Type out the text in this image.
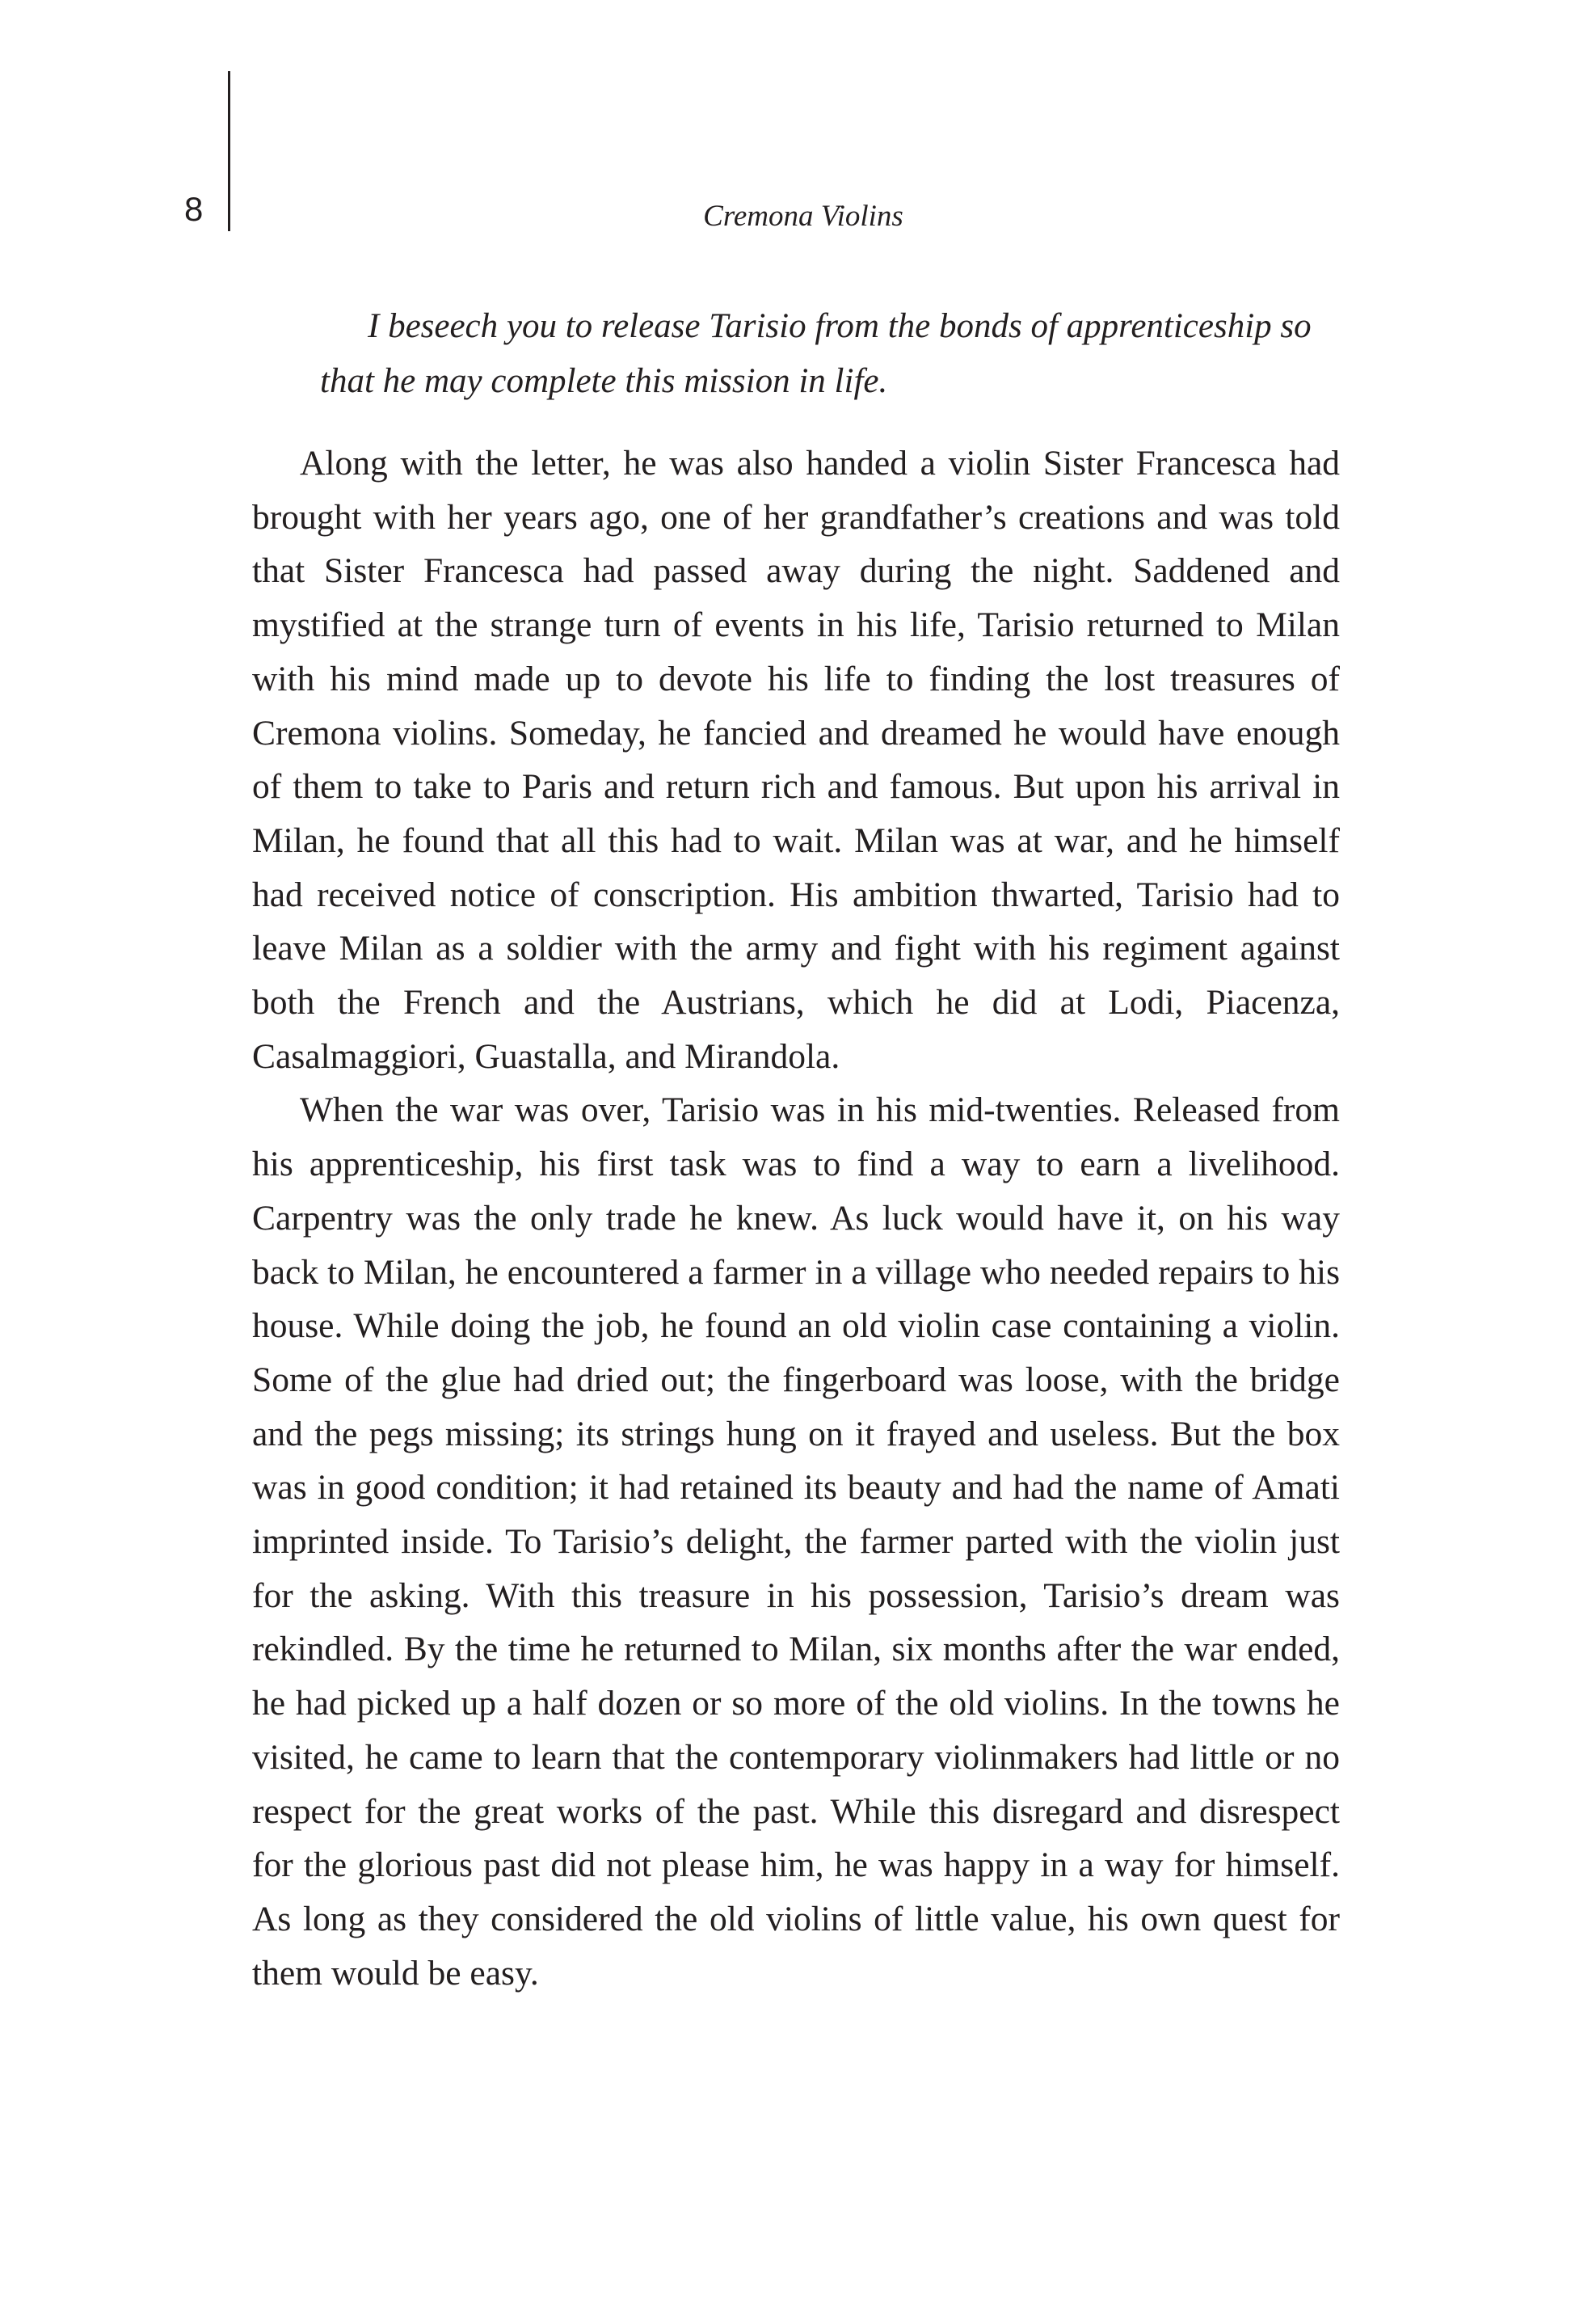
8	Cremona Violins
I beseech you to release Tarisio from the bonds of apprenticeship so
that he may complete this mission in life.

Along with the letter, he was also handed a violin Sister Francesca had brought with her years ago, one of her grandfather’s creations and was told that Sister Francesca had passed away during the night. Saddened and mystified at the strange turn of events in his life, Tarisio returned to Milan with his mind made up to devote his life to finding the lost treasures of Cremona violins. Someday, he fancied and dreamed he would have enough of them to take to Paris and return rich and famous. But upon his arrival in Milan, he found that all this had to wait. Milan was at war, and he himself had received notice of conscription. His ambition thwarted, Tarisio had to leave Milan as a soldier with the army and fight with his regiment against both the French and the Austrians, which he did at Lodi, Piacenza, Casalmaggiori, Guastalla, and Mirandola.

When the war was over, Tarisio was in his mid-twenties. Released from his apprenticeship, his first task was to find a way to earn a livelihood. Carpentry was the only trade he knew. As luck would have it, on his way back to Milan, he encountered a farmer in a village who needed repairs to his house. While doing the job, he found an old violin case containing a violin. Some of the glue had dried out; the fingerboard was loose, with the bridge and the pegs missing; its strings hung on it frayed and useless. But the box was in good condition; it had retained its beauty and had the name of Amati imprinted inside. To Tarisio’s delight, the farmer parted with the violin just for the asking. With this treasure in his possession, Tarisio’s dream was rekindled. By the time he returned to Milan, six months after the war ended, he had picked up a half dozen or so more of the old violins. In the towns he visited, he came to learn that the contemporary violinmakers had little or no respect for the great works of the past. While this disregard and disrespect for the glorious past did not please him, he was happy in a way for himself. As long as they considered the old violins of little value, his own quest for them would be easy.
